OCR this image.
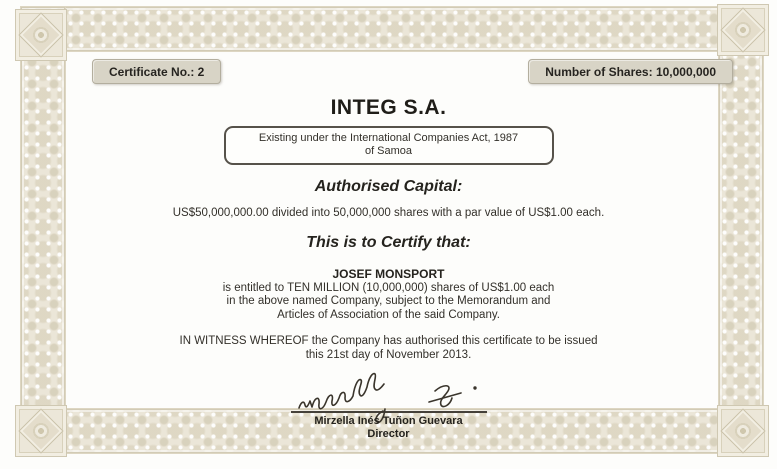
Certificate No.: 2	Number of Shares: 10,000,000
INTEG S.A.
Existing under the International Companies Act, 1987
of Samoa
Authorised Capital:

US$50,000,000.00 divided into 50,000,000 shares with a par value of US$1.00 each.

This is to Certify that:

JOSEF MONSPORT

is entitled to TEN MILLION (10,000,000) shares of US$1.00 each
in the above named Company, subject to the Memorandum and
Articles of Association of the said Company.
IN WITNESS WHEREOF the Company has authorised this certificate to be issued
this 21st day of November 2013.
Mirzella Inés Tuñon Guevara
Director
